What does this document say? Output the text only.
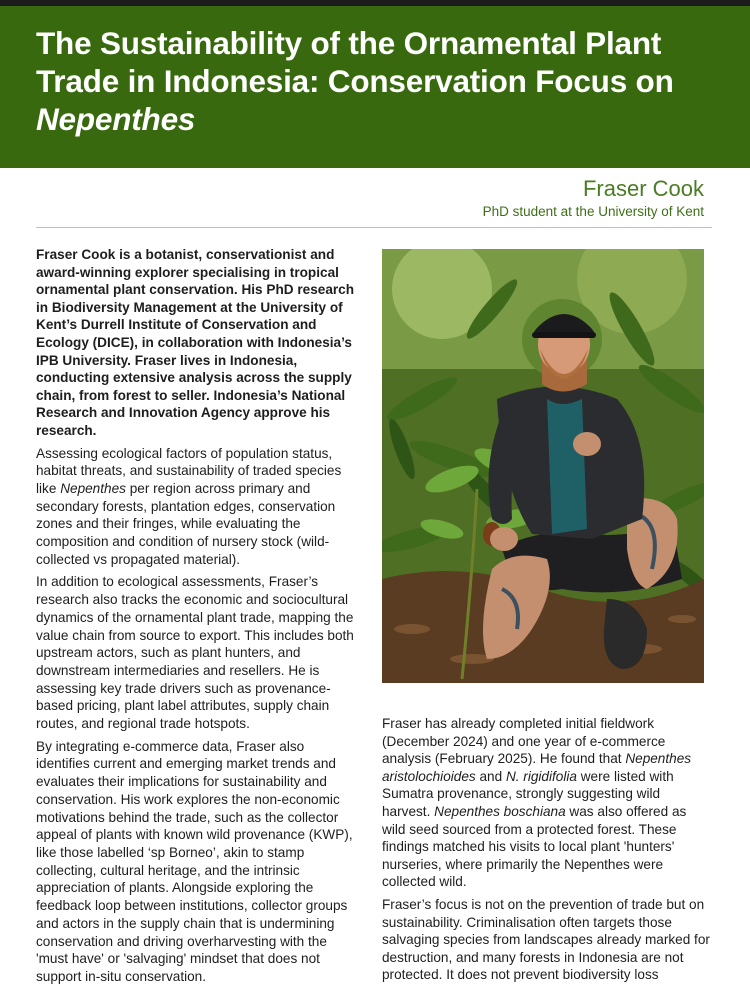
The Sustainability of the Ornamental Plant
Trade in Indonesia: Conservation Focus on
Nepenthes
Fraser Cook
PhD student at the University of Kent

Fraser Cook is a botanist, conservationist and award-winning explorer specialising in tropical ornamental plant conservation. His PhD research in Biodiversity Management at the University of Kent’s Durrell Institute of Conservation and Ecology (DICE), in collaboration with Indonesia’s IPB University. Fraser lives in Indonesia, conducting extensive analysis across the supply chain, from forest to seller. Indonesia’s National Research and Innovation Agency approve his research.

Assessing ecological factors of population status, habitat threats, and sustainability of traded species like Nepenthes per region across primary and secondary forests, plantation edges, conservation zones and their fringes, while evaluating the composition and condition of nursery stock (wild-collected vs propagated material).

In addition to ecological assessments, Fraser’s research also tracks the economic and sociocultural dynamics of the ornamental plant trade, mapping the value chain from source to export. This includes both upstream actors, such as plant hunters, and downstream intermediaries and resellers. He is assessing key trade drivers such as provenance-based pricing, plant label attributes, supply chain routes, and regional trade hotspots.

By integrating e-commerce data, Fraser also identifies current and emerging market trends and evaluates their implications for sustainability and conservation. His work explores the non-economic motivations behind the trade, such as the collector appeal of plants with known wild provenance (KWP), like those labelled ‘sp Borneo’, akin to stamp collecting, cultural heritage, and the intrinsic appreciation of plants. Alongside exploring the feedback loop between institutions, collector groups and actors in the supply chain that is undermining conservation and driving overharvesting with the 'must have' or 'salvaging' mindset that does not support in-situ conservation.

Fraser has already completed initial fieldwork (December 2024) and one year of e-commerce analysis (February 2025). He found that Nepenthes aristolochioides and N. rigidifolia were listed with Sumatra provenance, strongly suggesting wild harvest. Nepenthes boschiana was also offered as wild seed sourced from a protected forest. These findings matched his visits to local plant 'hunters' nurseries, where primarily the Nepenthes were collected wild.

Fraser’s focus is not on the prevention of trade but on sustainability. Criminalisation often targets those salvaging species from landscapes already marked for destruction, and many forests in Indonesia are not protected. It does not prevent biodiversity loss
